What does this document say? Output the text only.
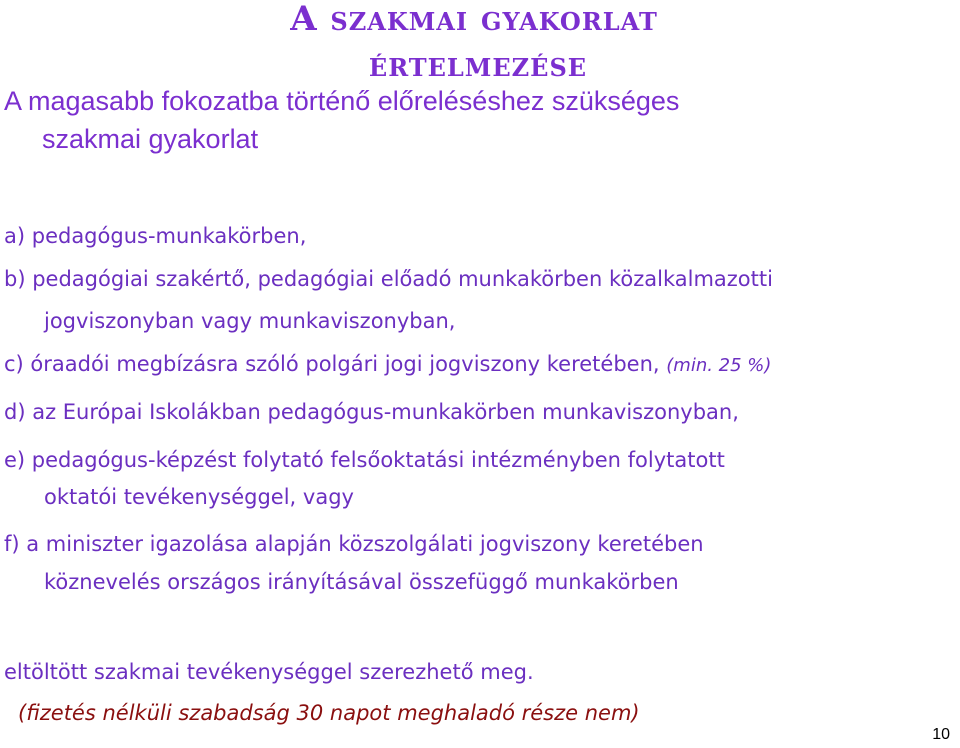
A szakmai gyakorlat
értelmezése
A magasabb fokozatba történő előreléséshez szükséges
szakmai gyakorlat
a) pedagógus-munkakörben,
b) pedagógiai szakértő, pedagógiai előadó munkakörben közalkalmazotti
jogviszonyban vagy munkaviszonyban,
c) óraadói megbízásra szóló polgári jogi jogviszony keretében, (min. 25 %)
d) az Európai Iskolákban pedagógus-munkakörben munkaviszonyban,
e) pedagógus-képzést folytató felsőoktatási intézményben folytatott
oktatói tevékenységgel, vagy
f) a miniszter igazolása alapján közszolgálati jogviszony keretében
köznevelés országos irányításával összefüggő munkakörben
eltöltött szakmai tevékenységgel szerezhető meg.
(fizetés nélküli szabadság 30 napot meghaladó része nem)
10
